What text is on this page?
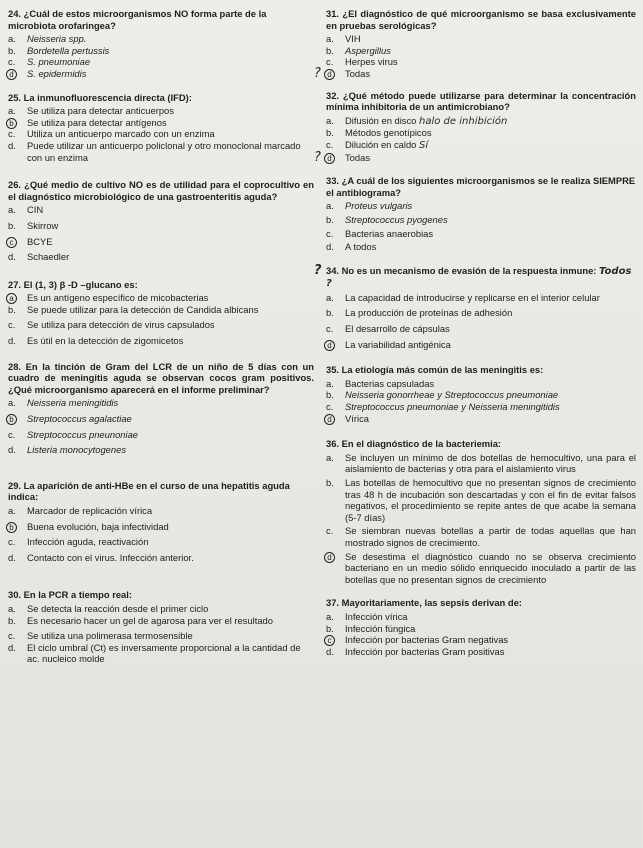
24. ¿Cuál de estos microorganismos NO forma parte de la microbiota orofaringea?
a.	Neisseria spp.
b.	Bordetella pertussis
c.	S. pneumoniae
d	S. epidermidis
25. La inmunofluorescencia directa (IFD):
a.	Se utiliza para detectar anticuerpos
b	Se utiliza para detectar antígenos
c.	Utiliza un anticuerpo marcado con un enzima
d.	Puede utilizar un anticuerpo policlonal y otro monoclonal marcado con un enzima
26. ¿Qué medio de cultivo NO es de utilidad para el coprocultivo en el diagnóstico microbiológico de una gastroenteritis aguda?
a.	CIN
b.	Skirrow
c	BCYE
d.	Schaedler
27. El (1, 3) β -D –glucano es:
a	Es un antígeno específico de micobacterias
b.	Se puede utilizar para la detección de Candida albicans
c.	Se utiliza para detección de virus capsulados
d.	Es útil en la detección de zigomicetos
28. En la tinción de Gram del LCR de un niño de 5 días con un cuadro de meningitis aguda se observan cocos gram positivos. ¿Qué microorganismo aparecerá en el informe preliminar?
a.	Neisseria meningitidis
b	Streptococcus agalactiae
c.	Streptococcus pneunoniae
d.	Listeria monocytogenes
29. La aparición de anti-HBe en el curso de una hepatitis aguda indica:
a.	Marcador de replicación vírica
b	Buena evolución, baja infectividad
c.	Infección aguda, reactivación
d.	Contacto con el virus. Infección anterior.
30. En la PCR a tiempo real:
a.	Se detecta la reacción desde el primer ciclo
b.	Es necesario hacer un gel de agarosa para ver el resultado
c.	Se utiliza una polimerasa termosensible
d.	El ciclo umbral (Ct) es inversamente proporcional a la cantidad de ac. nucleico molde
31. ¿El diagnóstico de qué microorganismo se basa exclusivamente en pruebas serológicas?
a.	VIH
b.	Aspergillus
c.	Herpes virus
? d	Todas
32. ¿Qué método puede utilizarse para determinar la concentración mínima inhibitoria de un antimicrobiano?
a.	Difusión en disco halo de inhibición
b.	Métodos genotípicos
c.	Dilución en caldo Sí
? d	Todas
33. ¿A cuál de los siguientes microorganismos se le realiza SIEMPRE el antibiograma?
a.	Proteus vulgaris
b.	Streptococcus pyogenes
c.	Bacterias anaerobias
d.	A todos
? 34. No es un mecanismo de evasión de la respuesta inmune: Todos ?
a.	La capacidad de introducirse y replicarse en el interior celular
b.	La producción de proteínas de adhesión
c.	El desarrollo de cápsulas
d	La variabilidad antigénica
35. La etiología más común de las meningitis es:
a.	Bacterias capsuladas
b.	Neisseria gonorrheae y Streptococcus pneumoniae
c.	Streptococcus pneumoniae y Neisseria meningitidis
d	Vírica
36. En el diagnóstico de la bacteriemia:
a.	Se incluyen un mínimo de dos botellas de hemocultivo, una para el aislamiento de bacterias y otra para el aislamiento virus
b.	Las botellas de hemocultivo que no presentan signos de crecimiento tras 48 h de incubación son descartadas y con el fin de evitar falsos negativos, el procedimiento se repite antes de que acabe la semana (5-7 días)
c.	Se siembran nuevas botellas a partir de todas aquellas que han mostrado signos de crecimiento.
d	Se desestima el diagnóstico cuando no se observa crecimiento bacteriano en un medio sólido enriquecido inoculado a partir de las botellas que no presentan signos de crecimiento
37. Mayoritariamente, las sepsis derivan de:
a.	Infección vírica
b.	Infección fúngica
c	Infección por bacterias Gram negativas
d.	Infección por bacterias Gram positivas
